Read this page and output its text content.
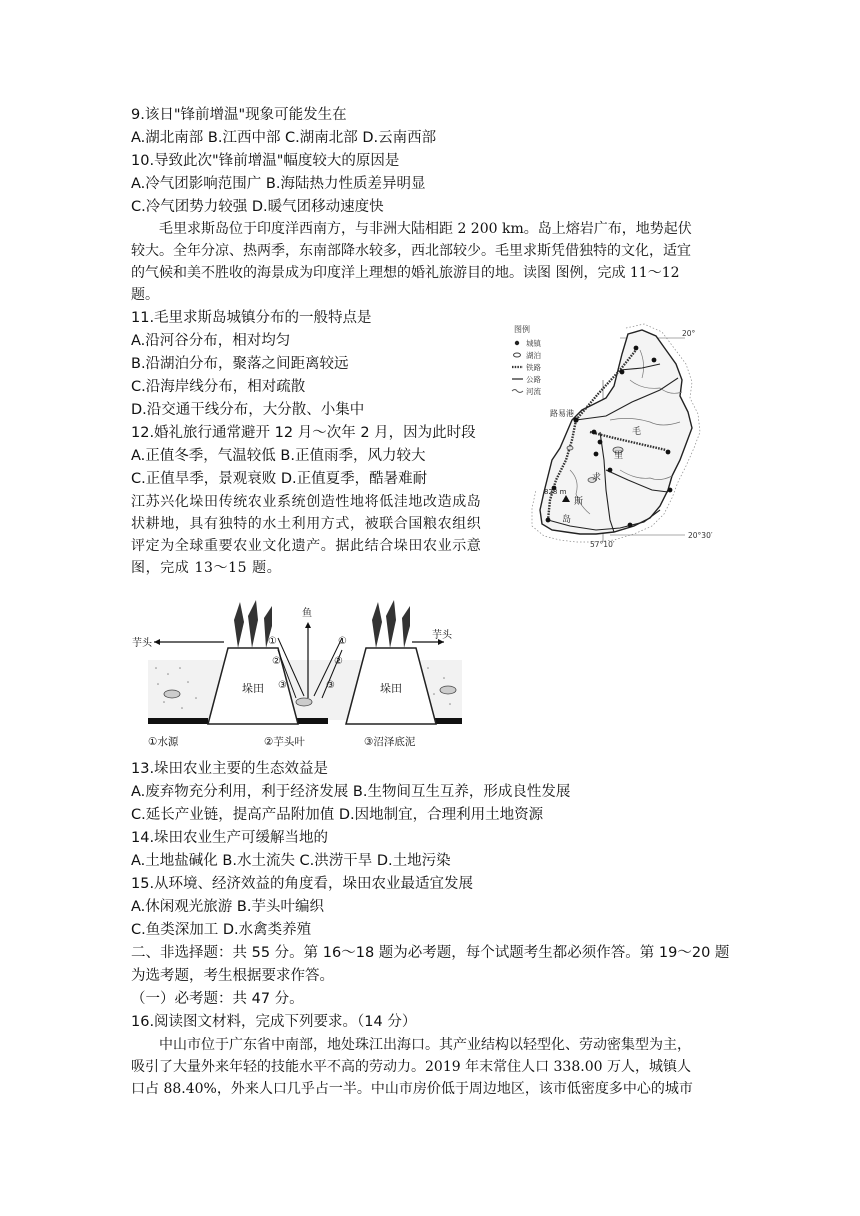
9.该日"锋前增温"现象可能发生在
A.湖北南部 B.江西中部 C.湖南北部 D.云南西部
10.导致此次"锋前增温"幅度较大的原因是
A.冷气团影响范围广 B.海陆热力性质差异明显
C.冷气团势力较强 D.暖气团移动速度快
　　毛里求斯岛位于印度洋西南方，与非洲大陆相距 2 200 km。岛上熔岩广布，地势起伏
较大。全年分凉、热两季，东南部降水较多，西北部较少。毛里求斯凭借独特的文化，适宜
的气候和美不胜收的海景成为印度洋上理想的婚礼旅游目的地。读图 图例，完成 11～12
题。
11.毛里求斯岛城镇分布的一般特点是
A.沿河谷分布，相对均匀
B.沿湖泊分布，聚落之间距离较远
C.沿海岸线分布，相对疏散
D.沿交通干线分布，大分散、小集中
12.婚礼旅行通常避开 12 月～次年 2 月，因为此时段
A.正值冬季，气温较低 B.正值雨季，风力较大
C.正值旱季，景观衰败 D.正值夏季，酷暑难耐
江苏兴化垛田传统农业系统创造性地将低洼地改造成岛
状耕地，具有独特的水土利用方式，被联合国粮农组织
评定为全球重要农业文化遗产。据此结合垛田农业示意
图，完成 13～15 题。
图例
城镇
湖泊
铁路
公路
河流
20°
20°30′
57°10′
828 m
路易港
毛
里
求
斯
岛
垛田	垛田
芋头
芋头
鱼
①
②
③
①
②
③
①水源	②芋头叶	③沼泽底泥
13.垛田农业主要的生态效益是
A.废弃物充分利用，利于经济发展 B.生物间互生互养，形成良性发展
C.延长产业链，提高产品附加值 D.因地制宜，合理利用土地资源
14.垛田农业生产可缓解当地的
A.土地盐碱化 B.水土流失 C.洪涝干旱 D.土地污染
15.从环境、经济效益的角度看，垛田农业最适宜发展
A.休闲观光旅游 B.芋头叶编织
C.鱼类深加工 D.水禽类养殖
二、非选择题：共 55 分。第 16～18 题为必考题，每个试题考生都必须作答。第 19～20 题
为选考题，考生根据要求作答。
（一）必考题：共 47 分。
16.阅读图文材料，完成下列要求。（14 分）
　　中山市位于广东省中南部，地处珠江出海口。其产业结构以轻型化、劳动密集型为主，
吸引了大量外来年轻的技能水平不高的劳动力。2019 年末常住人口 338.00 万人，城镇人
口占 88.40%，外来人口几乎占一半。中山市房价低于周边地区，该市低密度多中心的城市
